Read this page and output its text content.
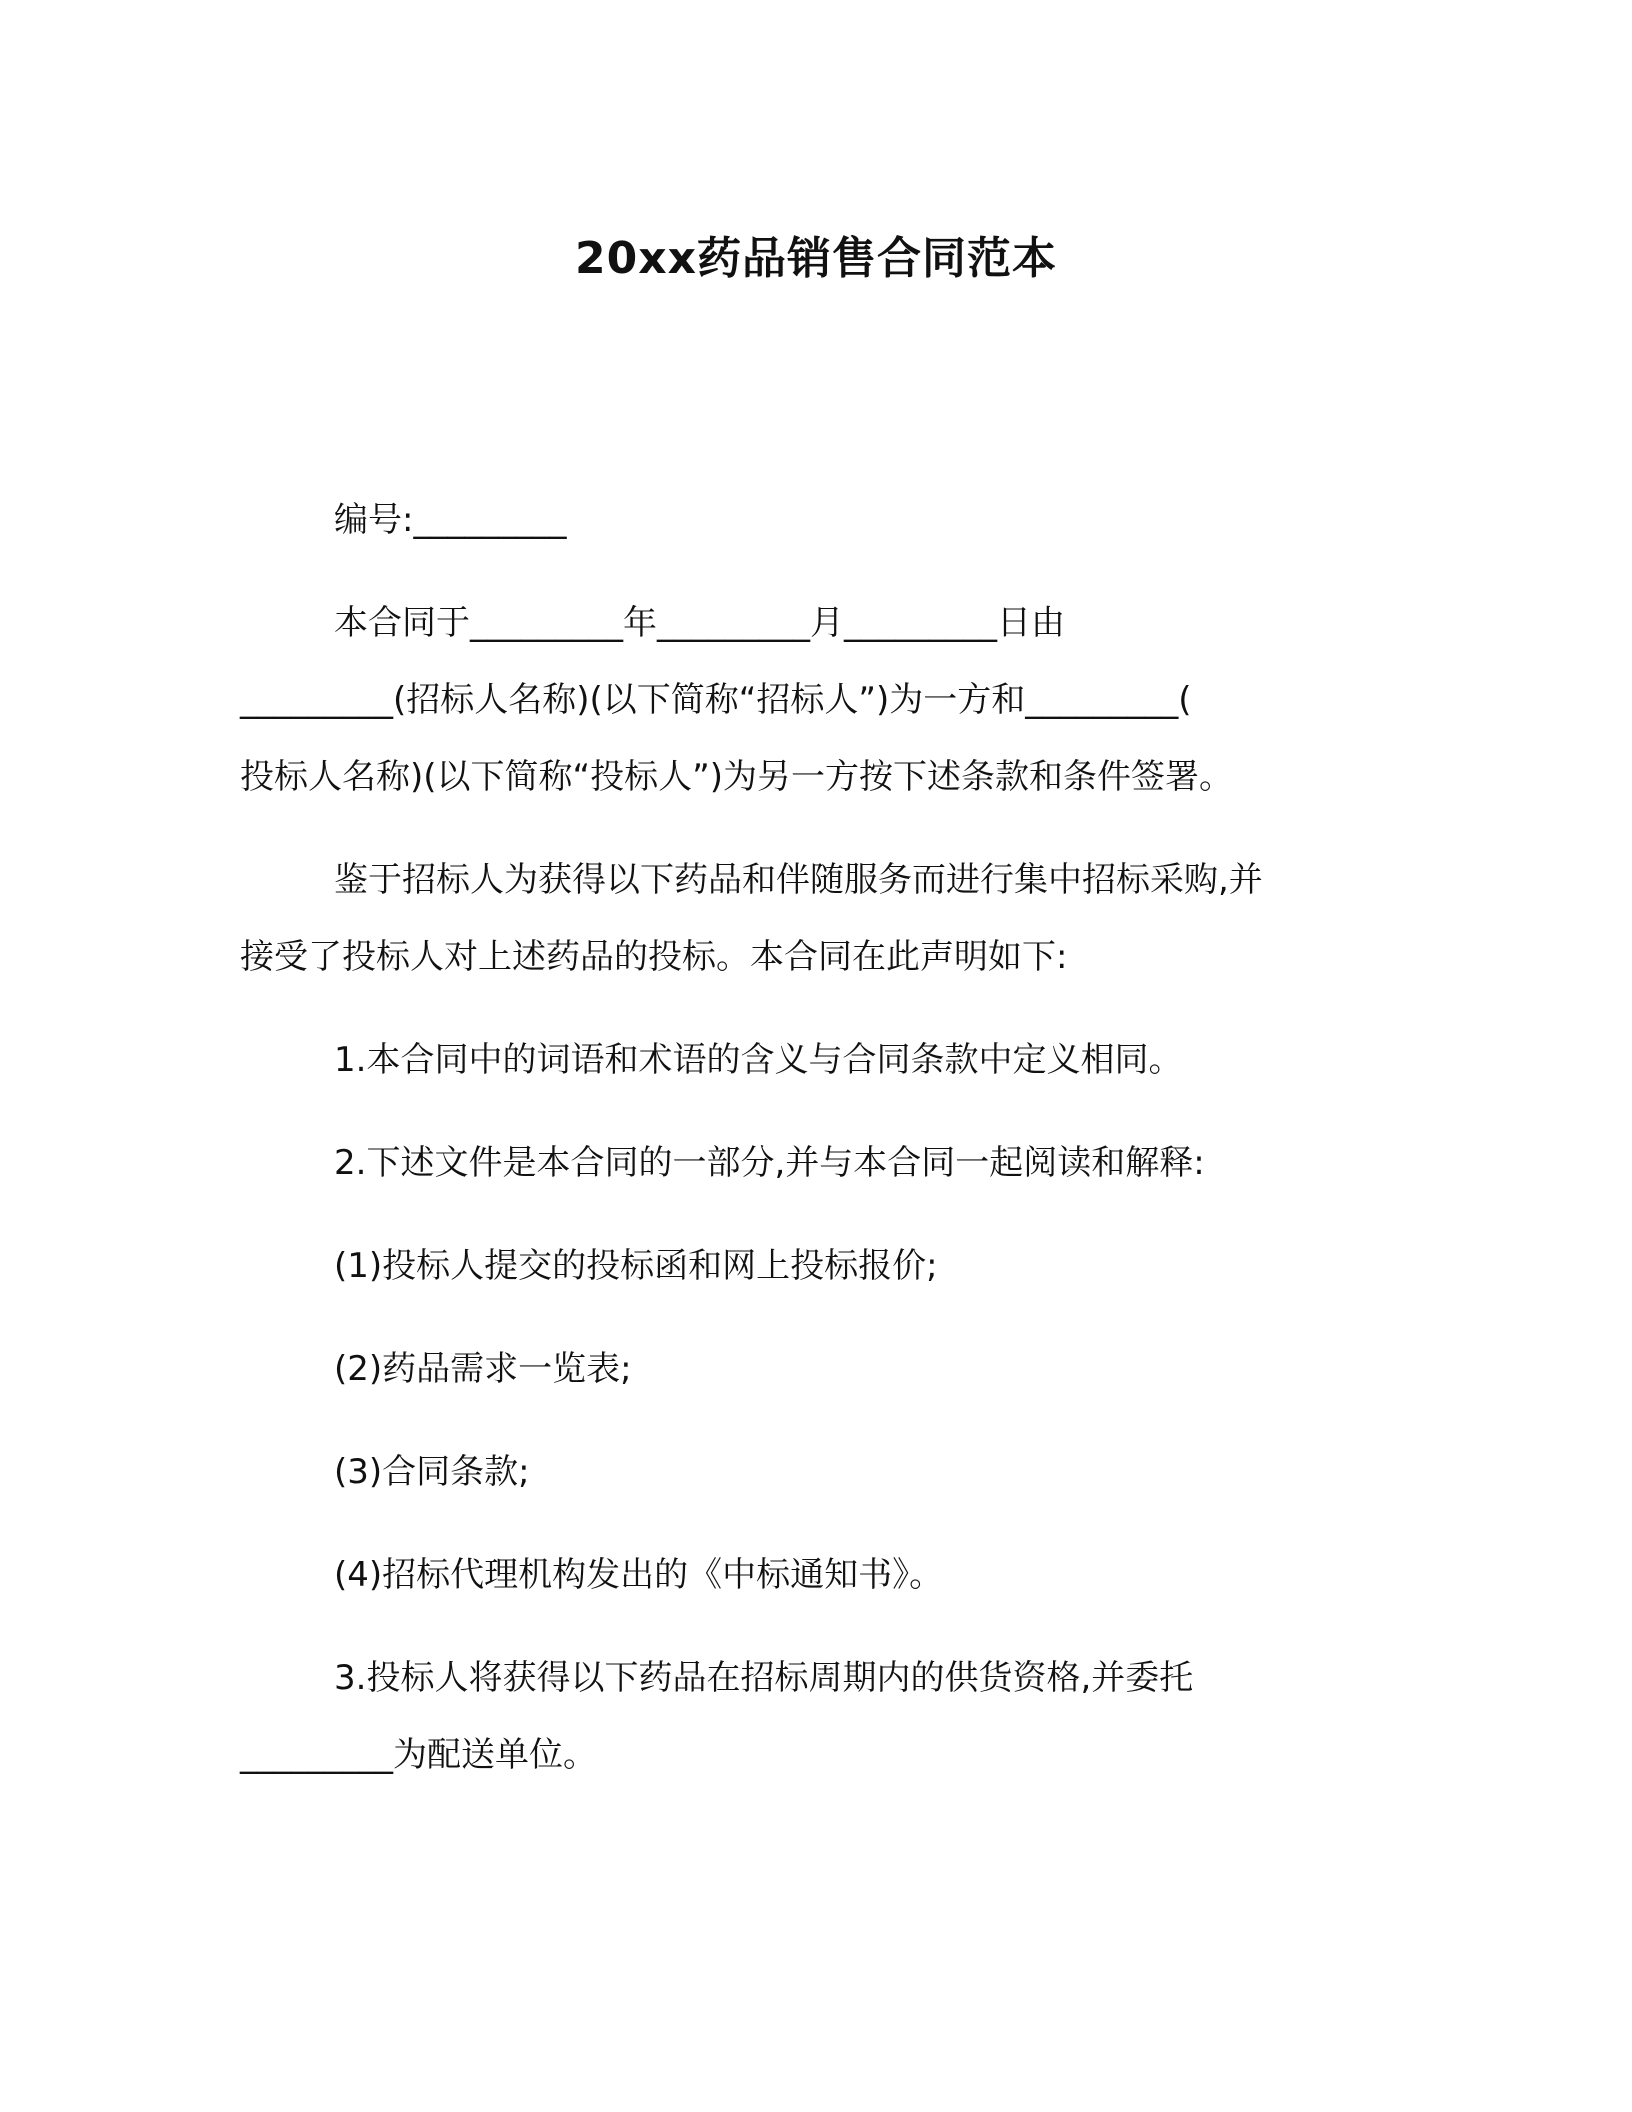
20xx药品销售合同范本
编号:_________
本合同于_________年_________月_________日由
_________(招标人名称)(以下简称“招标人”)为一方和_________(
投标人名称)(以下简称“投标人”)为另一方按下述条款和条件签署。
鉴于招标人为获得以下药品和伴随服务而进行集中招标采购,并
接受了投标人对上述药品的投标。本合同在此声明如下:
1.本合同中的词语和术语的含义与合同条款中定义相同。
2.下述文件是本合同的一部分,并与本合同一起阅读和解释:
(1)投标人提交的投标函和网上投标报价;
(2)药品需求一览表;
(3)合同条款;
(4)招标代理机构发出的《中标通知书》。
3.投标人将获得以下药品在招标周期内的供货资格,并委托
_________为配送单位。
